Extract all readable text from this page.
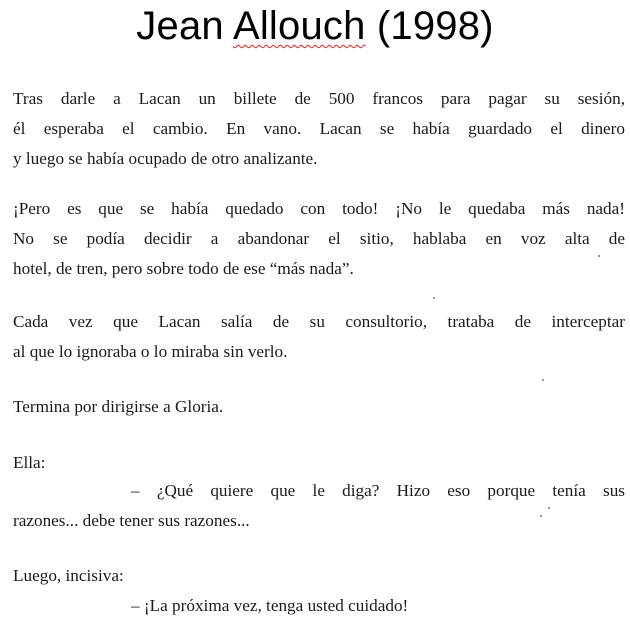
Jean Allouch (1998)
Tras darle a Lacan un billete de 500 francos para pagar su sesión,
él esperaba el cambio. En vano. Lacan se había guardado el dinero
y luego se había ocupado de otro analizante.
¡Pero es que se había quedado con todo! ¡No le quedaba más nada!
No se podía decidir a abandonar el sitio, hablaba en voz alta de
hotel, de tren, pero sobre todo de ese “más nada”.
Cada vez que Lacan salía de su consultorio, trataba de interceptar
al que lo ignoraba o lo miraba sin verlo.
Termina por dirigirse a Gloria.
Ella:
– ¿Qué quiere que le diga? Hizo eso porque tenía sus
razones... debe tener sus razones...
Luego, incisiva:
– ¡La próxima vez, tenga usted cuidado!
